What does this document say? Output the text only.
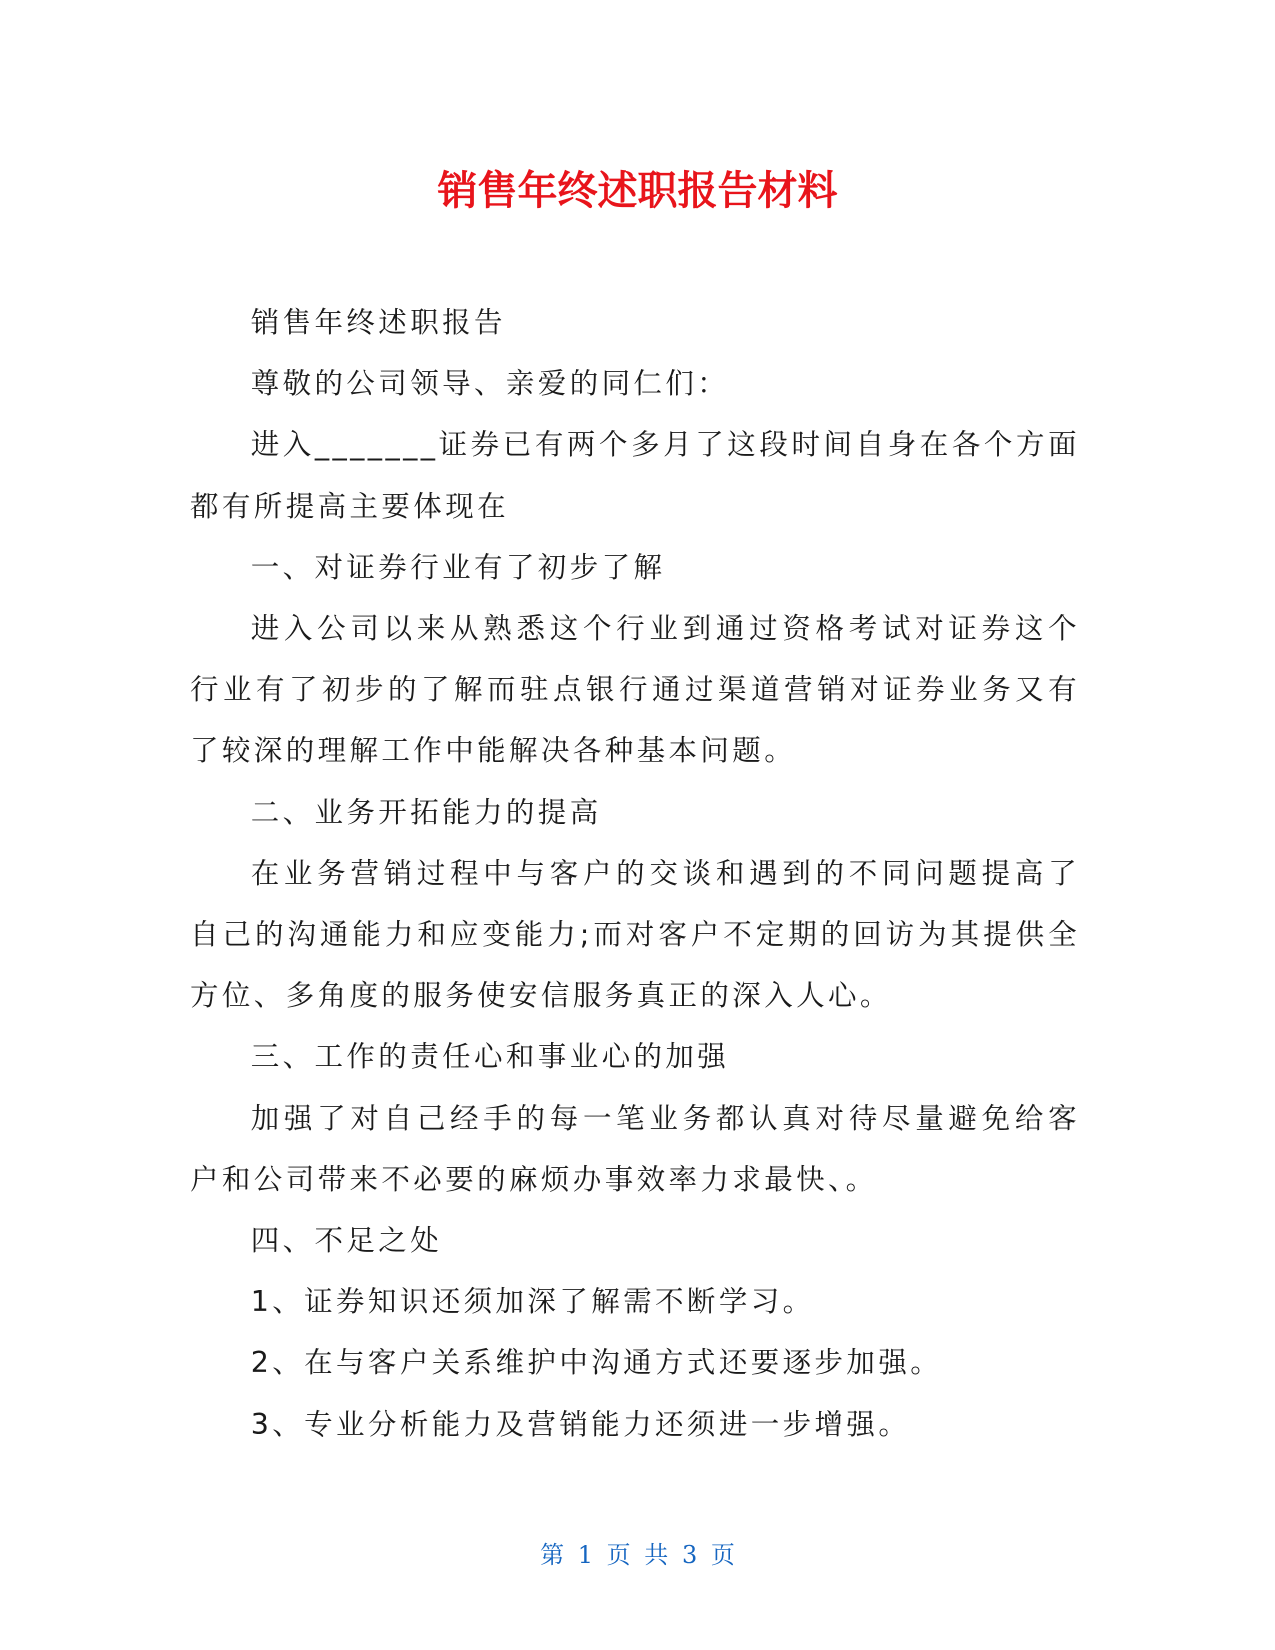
销售年终述职报告材料

销售年终述职报告

尊敬的公司领导、亲爱的同仁们：

进入_______证券已有两个多月了这段时间自身在各个方面都有所提高主要体现在

一、对证券行业有了初步了解

进入公司以来从熟悉这个行业到通过资格考试对证券这个行业有了初步的了解而驻点银行通过渠道营销对证券业务又有了较深的理解工作中能解决各种基本问题。

二、业务开拓能力的提高

在业务营销过程中与客户的交谈和遇到的不同问题提高了自己的沟通能力和应变能力;而对客户不定期的回访为其提供全方位、多角度的服务使安信服务真正的深入人心。

三、工作的责任心和事业心的加强

加强了对自己经手的每一笔业务都认真对待尽量避免给客户和公司带来不必要的麻烦办事效率力求最快、。

四、不足之处

1、证券知识还须加深了解需不断学习。

2、在与客户关系维护中沟通方式还要逐步加强。

3、专业分析能力及营销能力还须进一步增强。

第 1 页 共 3 页
